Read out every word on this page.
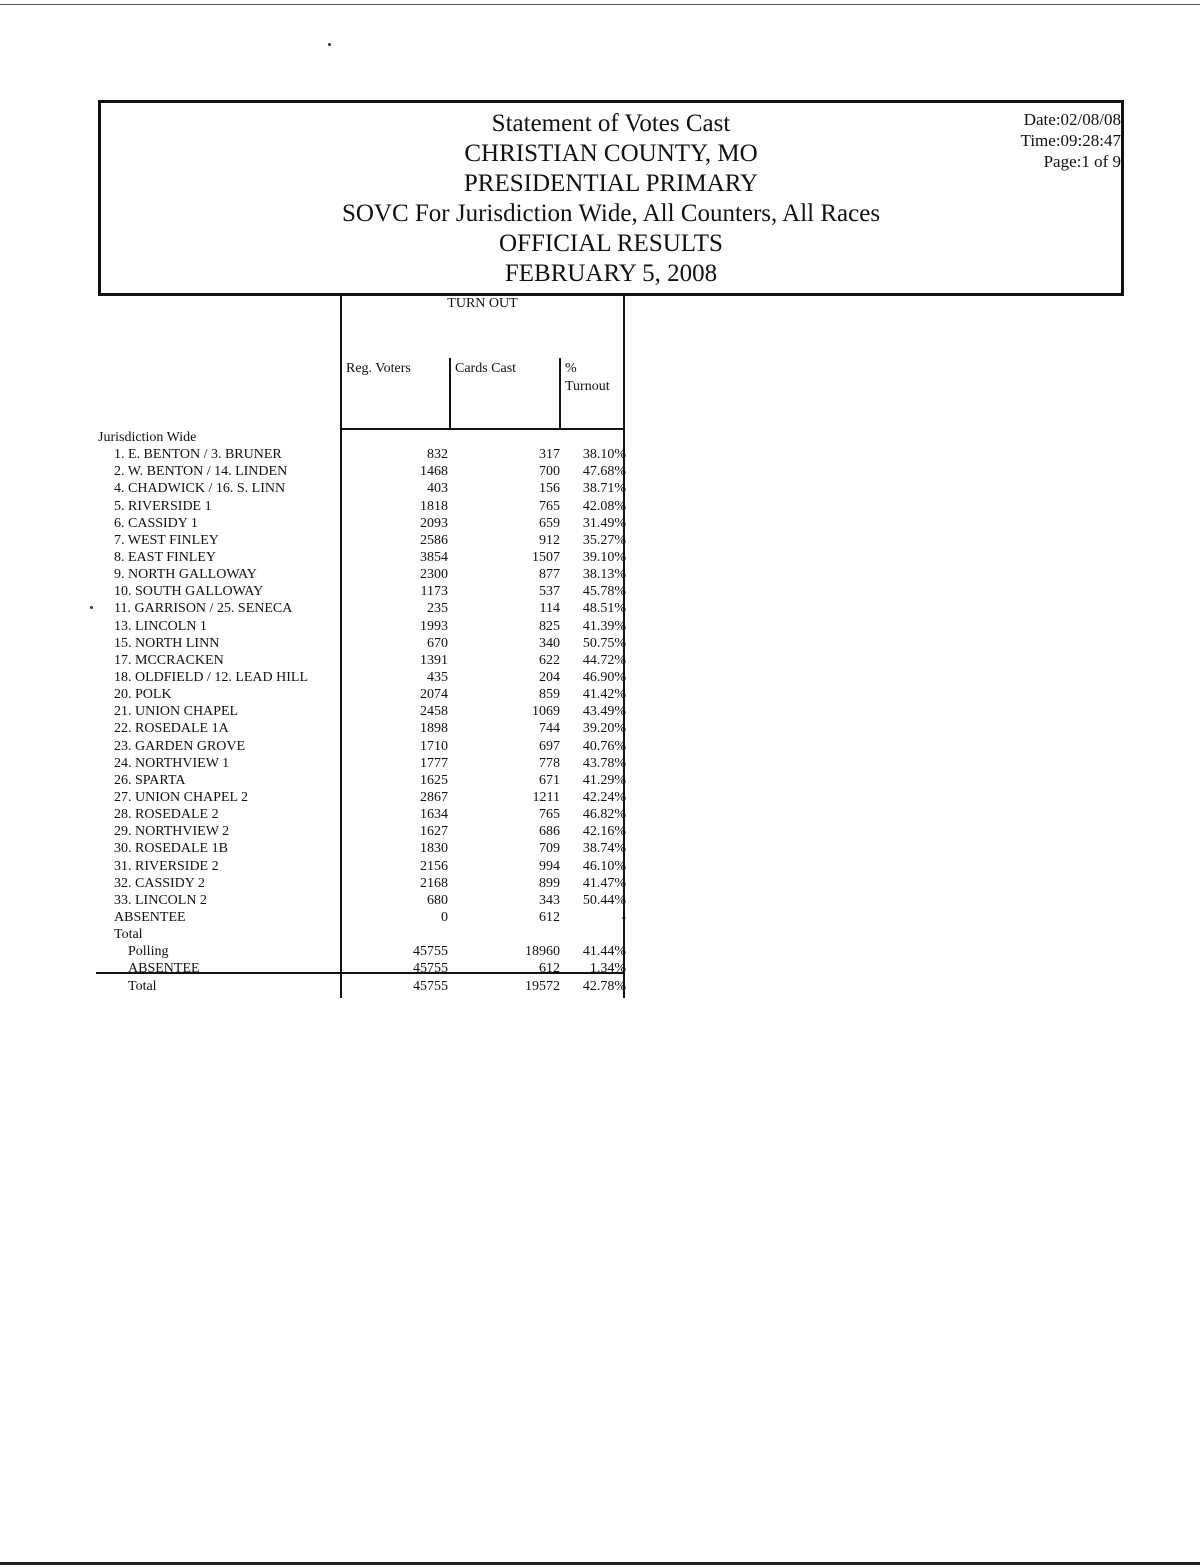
Statement of Votes Cast
CHRISTIAN COUNTY, MO
PRESIDENTIAL PRIMARY
SOVC For Jurisdiction Wide, All Counters, All Races
OFFICIAL RESULTS
FEBRUARY 5, 2008
Date:02/08/08
Time:09:28:47
Page:1 of 9
TURN OUT
Reg. Voters	Cards Cast	%
Turnout
Jurisdiction Wide
1. E. BENTON / 3. BRUNER	832	317 38.10%
2. W. BENTON / 14. LINDEN	1468	700 47.68%
4. CHADWICK / 16. S. LINN	403	156 38.71%
5. RIVERSIDE 1	1818	765 42.08%
6. CASSIDY 1	2093	659 31.49%
7. WEST FINLEY	2586	912 35.27%
8. EAST FINLEY	3854	1507 39.10%
9. NORTH GALLOWAY	2300	877 38.13%
10. SOUTH GALLOWAY	1173	537 45.78%
11. GARRISON / 25. SENECA	235	114 48.51%
13. LINCOLN 1	1993	825 41.39%
15. NORTH LINN	670	340 50.75%
17. MCCRACKEN	1391	622 44.72%
18. OLDFIELD / 12. LEAD HILL	435	204 46.90%
20. POLK	2074	859 41.42%
21. UNION CHAPEL	2458	1069 43.49%
22. ROSEDALE 1A	1898	744 39.20%
23. GARDEN GROVE	1710	697 40.76%
24. NORTHVIEW 1	1777	778 43.78%
26. SPARTA	1625	671 41.29%
27. UNION CHAPEL 2	2867	1211 42.24%
28. ROSEDALE 2	1634	765 46.82%
29. NORTHVIEW 2	1627	686 42.16%
30. ROSEDALE 1B	1830	709 38.74%
31. RIVERSIDE 2	2156	994 46.10%
32. CASSIDY 2	2168	899 41.47%
33. LINCOLN 2	680	343 50.44%
ABSENTEE	0	612	-
Total
Polling	45755	18960 41.44%
ABSENTEE	45755	612 1.34%
Total	45755	19572 42.78%
